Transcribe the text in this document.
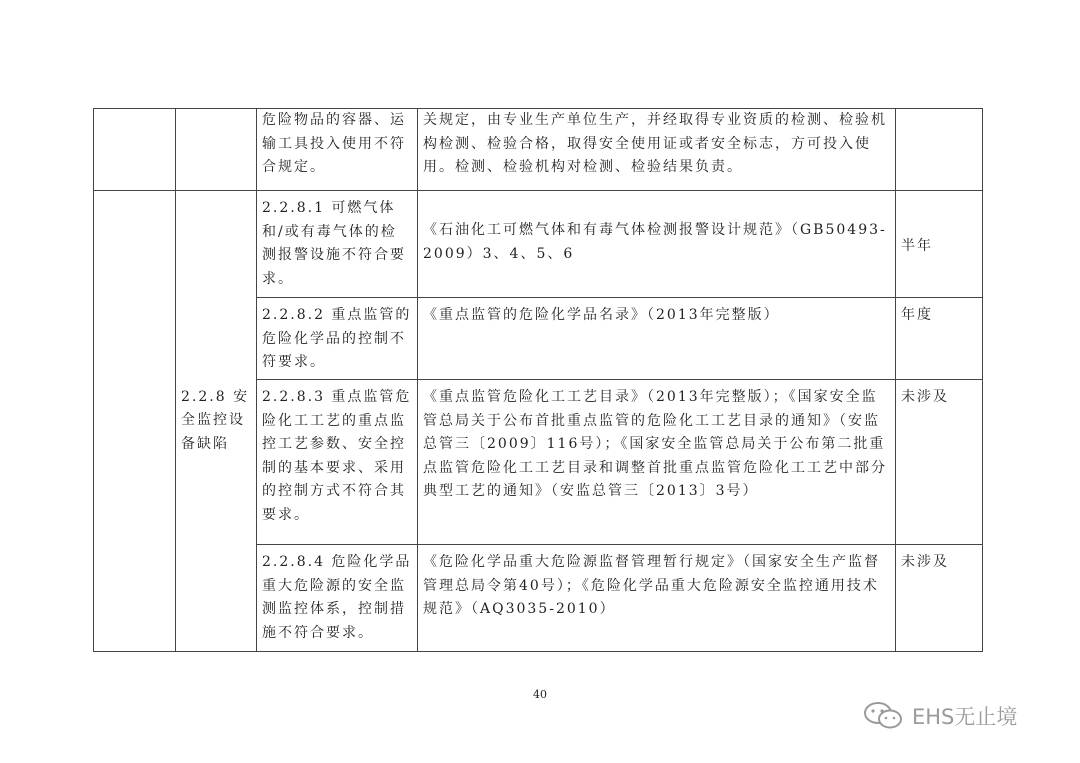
		危险物品的容器、运输工具投入使用不符合规定。	关规定，由专业生产单位生产，并经取得专业资质的检测、检验机构检测、检验合格，取得安全使用证或者安全标志，方可投入使用。检测、检验机构对检测、检验结果负责。	

	2.2.8 安全监控设备缺陷	2.2.8.1 可燃气体和/或有毒气体的检测报警设施不符合要求。	《石油化工可燃气体和有毒气体检测报警设计规范》（GB50493-2009）3、4、5、6	半年

		2.2.8.2 重点监管的危险化学品的控制不符要求。	《重点监管的危险化学品名录》（2013年完整版）	年度

		2.2.8.3 重点监管危险化工工艺的重点监控工艺参数、安全控制的基本要求、采用的控制方式不符合其要求。	《重点监管危险化工工艺目录》（2013年完整版）；《国家安全监管总局关于公布首批重点监管的危险化工工艺目录的通知》（安监总管三〔2009〕116号）；《国家安全监管总局关于公布第二批重点监管危险化工工艺目录和调整首批重点监管危险化工工艺中部分典型工艺的通知》（安监总管三〔2013〕3号）	未涉及

		2.2.8.4 危险化学品重大危险源的安全监测监控体系，控制措施不符合要求。	《危险化学品重大危险源监督管理暂行规定》（国家安全生产监督管理总局令第40号）；《危险化学品重大危险源安全监控通用技术规范》（AQ3035-2010）	未涉及
40
EHS无止境
